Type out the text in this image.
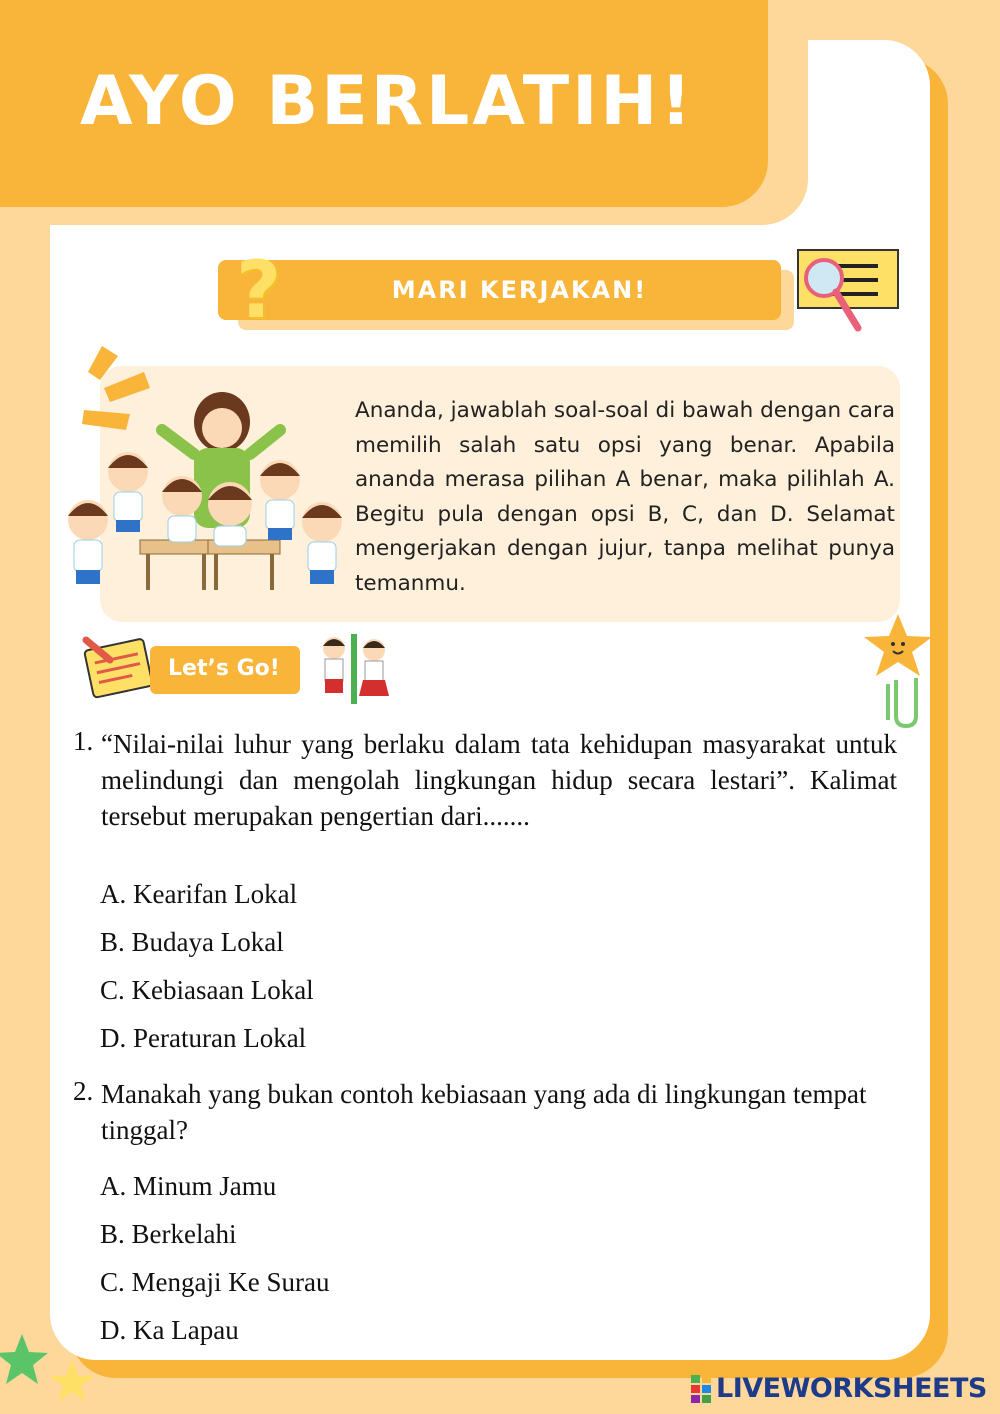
AYO BERLATIH!
MARI KERJAKAN!
?
Ananda, jawablah soal-soal di bawah dengan cara memilih salah satu opsi yang benar. Apabila ananda merasa pilihan A benar, maka pilihlah A. Begitu pula dengan opsi B, C, dan D. Selamat mengerjakan dengan jujur, tanpa melihat punya temanmu.
Let’s Go!
1. “Nilai-nilai luhur yang berlaku dalam tata kehidupan masyarakat untuk melindungi dan mengolah lingkungan hidup secara lestari”. Kalimat tersebut merupakan pengertian dari.......
A. Kearifan Lokal
B. Budaya Lokal
C. Kebiasaan Lokal
D. Peraturan Lokal
2. Manakah yang bukan contoh kebiasaan yang ada di lingkungan tempat tinggal?
A. Minum Jamu
B. Berkelahi
C. Mengaji Ke Surau
D. Ka Lapau
LIVEWORKSHEETS
